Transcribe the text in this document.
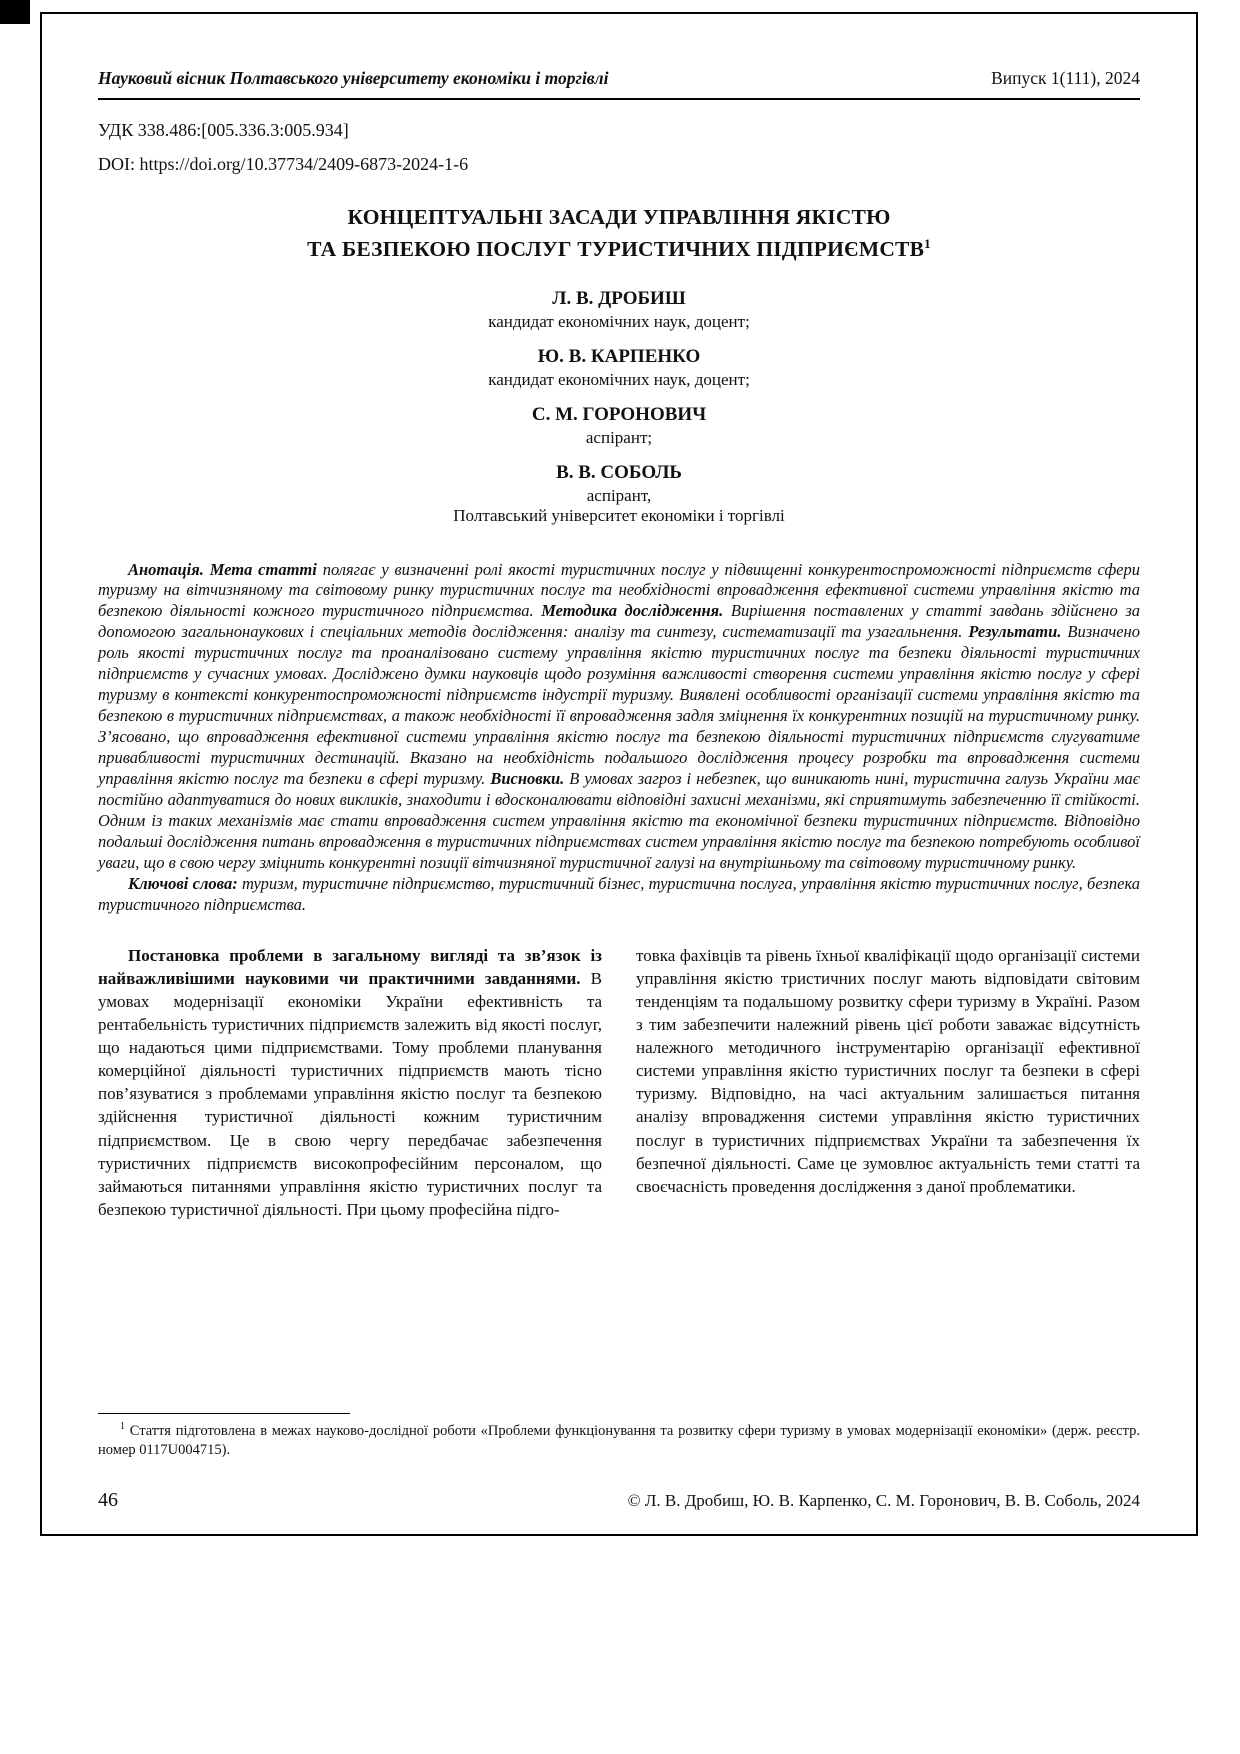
Науковий вісник Полтавського університету економіки і торгівлі	Випуск 1(111), 2024

УДК 338.486:[005.336.3:005.934]

DOI: https://doi.org/10.37734/2409-6873-2024-1-6

КОНЦЕПТУАЛЬНІ ЗАСАДИ УПРАВЛІННЯ ЯКІСТЮ
ТА БЕЗПЕКОЮ ПОСЛУГ ТУРИСТИЧНИХ ПІДПРИЄМСТВ$^1$

Л. В. ДРОБИШ

кандидат економічних наук, доцент;

Ю. В. КАРПЕНКО

кандидат економічних наук, доцент;

С. М. ГОРОНОВИЧ

аспірант;

В. В. СОБОЛЬ

аспірант,

Полтавський університет економіки і торгівлі

Анотація. Мета статті полягає у визначенні ролі якості туристичних послуг у підвищенні конкурентоспроможності підприємств сфери туризму на вітчизняному та світовому ринку туристичних послуг та необхідності впровадження ефективної системи управління якістю та безпекою діяльності кожного туристичного підприємства. Методика дослідження. Вирішення поставлених у статті завдань здійснено за допомогою загальнонаукових і спеціальних методів дослідження: аналізу та синтезу, систематизації та узагальнення. Результати. Визначено роль якості туристичних послуг та проаналізовано систему управління якістю туристичних послуг та безпеки діяльності туристичних підприємств у сучасних умовах. Досліджено думки науковців щодо розуміння важливості створення системи управління якістю послуг у сфері туризму в контексті конкурентоспроможності підприємств індустрії туризму. Виявлені особливості організації системи управління якістю та безпекою в туристичних підприємствах, а також необхідності її впровадження задля зміцнення їх конкурентних позицій на туристичному ринку. З’ясовано, що впровадження ефективної системи управління якістю послуг та безпекою діяльності туристичних підприємств слугуватиме привабливості туристичних дестинацій. Вказано на необхідність подальшого дослідження процесу розробки та впровадження системи управління якістю послуг та безпеки в сфері туризму. Висновки. В умовах загроз і небезпек, що виникають нині, туристична галузь України має постійно адаптуватися до нових викликів, знаходити і вдосконалювати відповідні захисні механізми, які сприятимуть забезпеченню її стійкості. Одним із таких механізмів має стати впровадження систем управління якістю та економічної безпеки туристичних підприємств. Відповідно подальші дослідження питань впровадження в туристичних підприємствах систем управління якістю послуг та безпекою потребують особливої уваги, що в свою чергу зміцнить конкурентні позиції вітчизняної туристичної галузі на внутрішньому та світовому туристичному ринку.

Ключові слова: туризм, туристичне підприємство, туристичний бізнес, туристична послуга, управління якістю туристичних послуг, безпека туристичного підприємства.

Постановка проблеми в загальному вигляді та зв’язок із найважливішими науковими чи практичними завданнями. В умовах модернізації економіки України ефективність та рентабельність туристичних підприємств залежить від якості послуг, що надаються цими підприємствами. Тому проблеми планування комерційної діяльності туристичних підприємств мають тісно пов’язуватися з проблемами управління якістю послуг та безпекою здійснення туристичної діяльності кожним туристичним підприємством. Це в свою чергу передбачає забезпечення туристичних підприємств високопрофесійним персоналом, що займаються питаннями управління якістю туристичних послуг та безпекою туристичної діяльності. При цьому професійна підго-

товка фахівців та рівень їхньої кваліфікації щодо організації системи управління якістю тристичних послуг мають відповідати світовим тенденціям та подальшому розвитку сфери туризму в Україні. Разом з тим забезпечити належний рівень цієї роботи заважає відсутність належного методичного інструментарію організації ефективної системи управління якістю туристичних послуг та безпеки в сфері туризму. Відповідно, на часі актуальним залишається питання аналізу впровадження системи управління якістю туристичних послуг в туристичних підприємствах України та забезпечення їх безпечної діяльності. Саме це зумовлює актуальність теми статті та своєчасність проведення дослідження з даної проблематики.

$^1$ Стаття підготовлена в межах науково-дослідної роботи «Проблеми функціонування та розвитку сфери туризму в умовах модернізації економіки» (держ. реєстр. номер 0117U004715).

46	© Л. В. Дробиш, Ю. В. Карпенко, С. М. Горонович, В. В. Соболь, 2024
